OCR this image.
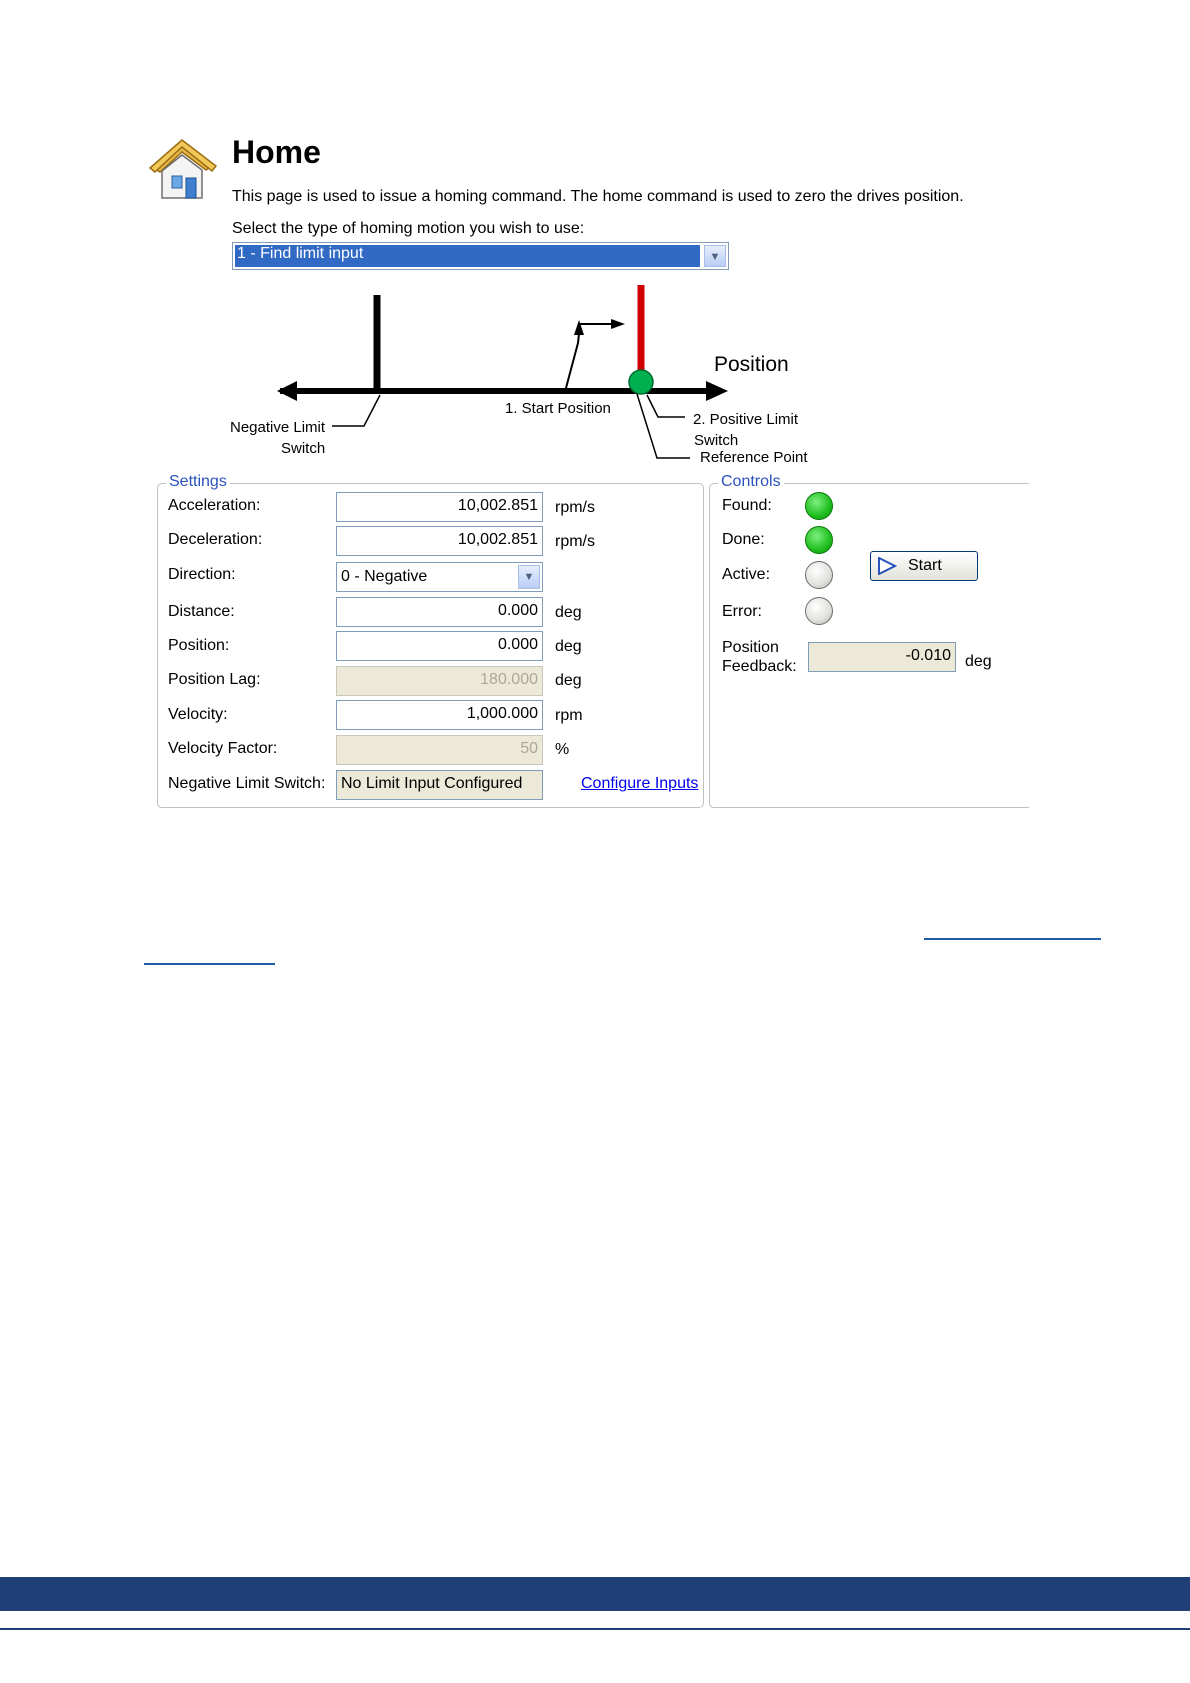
Home
This page is used to issue a homing command. The home command is used to zero the drives position.
Select the type of homing motion you wish to use:
1 - Find limit input	▼
Position
1. Start Position
Negative Limit
Switch
2. Positive Limit
Switch
Reference Point
Settings
Acceleration:	10,002.851	rpm/s
Deceleration:	10,002.851	rpm/s
Direction:	0 - Negative	▼
Distance:	0.000	deg
Position:	0.000	deg
Position Lag:	180.000	deg
Velocity:	1,000.000	rpm
Velocity Factor:	50	%
Negative Limit Switch: No Limit Input Configured	Configure Inputs
Controls
Found:
Done:
Active:
Error:
Start
Position
Feedback:
-0.010 deg
